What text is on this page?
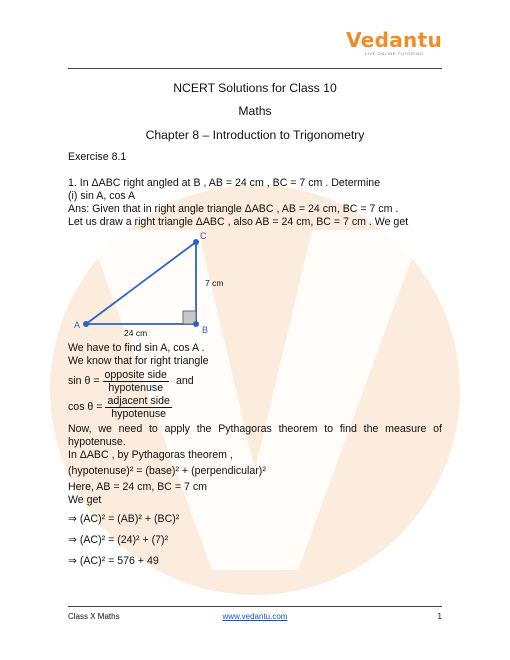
Vedantu
LIVE ONLINE TUTORING

NCERT Solutions for Class 10

Maths

Chapter 8 – Introduction to Trigonometry

Exercise 8.1

1. In ΔABC right angled at B , AB = 24 cm , BC = 7 cm . Determine

(i) sin A, cos A

Ans: Given that in right angle triangle ΔABC , AB = 24 cm, BC = 7 cm .

Let us draw a right triangle ΔABC , also AB = 24 cm, BC = 7 cm . We get

A	B
C
24 cm
7 cm

We have to find sin A, cos A .

We know that for right triangle

$\sin \theta = \frac{\text{opposite side}}{\text{hypotenuse}}$ and
$\cos \theta = \frac{\text{adjacent side}}{\text{hypotenuse}}$

Now, we need to apply the Pythagoras theorem to find the measure of hypotenuse.

In ΔABC , by Pythagoras theorem ,

(hypotenuse)² = (base)² + (perpendicular)²

Here, AB = 24 cm, BC = 7 cm

We get

⇒ (AC)² = (AB)² + (BC)²

⇒ (AC)² = (24)² + (7)²

⇒ (AC)² = 576 + 49

Class X Maths	www.vedantu.com	1
